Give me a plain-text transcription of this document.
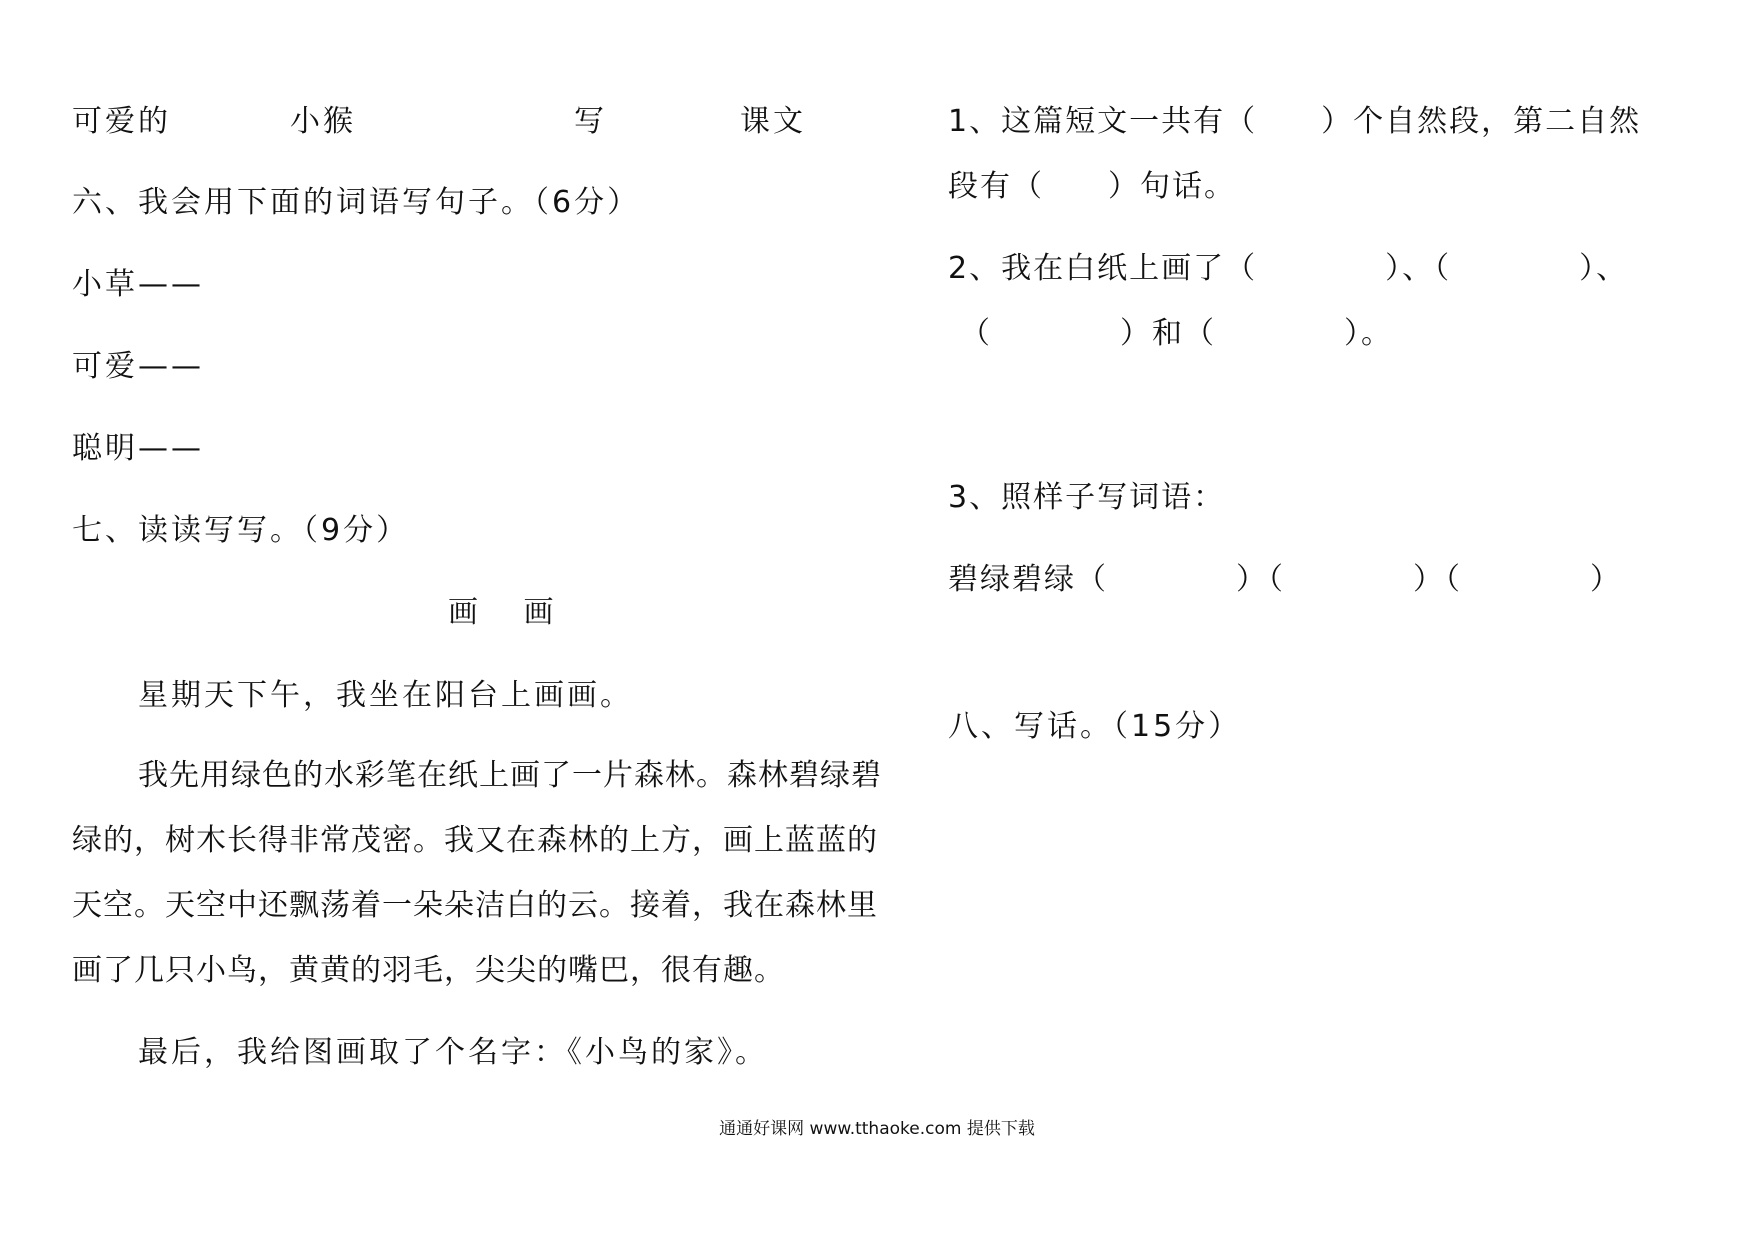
可爱的	小猴	写	课文
六、我会用下面的词语写句子。（6分）
小草——
可爱——
聪明——
七、读读写写。（9分）
画 画
星期天下午，我坐在阳台上画画。
我先用绿色的水彩笔在纸上画了一片森林。森林碧绿碧
绿的，树木长得非常茂密。我又在森林的上方，画上蓝蓝的
天空。天空中还飘荡着一朵朵洁白的云。接着，我在森林里
画了几只小鸟，黄黄的羽毛，尖尖的嘴巴，很有趣。
最后，我给图画取了个名字：《小鸟的家》。
1、这篇短文一共有（　　）个自然段，第二自然
段有（　　）句话。
2、我在白纸上画了（　　　　）、（　　　　）、
（　　　　）和（　　　　）。
3、照样子写词语：
碧绿碧绿（　　　　）（　　　　）（　　　　）
八、写话。（15分）
通通好课网 www.tthaoke.com 提供下载
